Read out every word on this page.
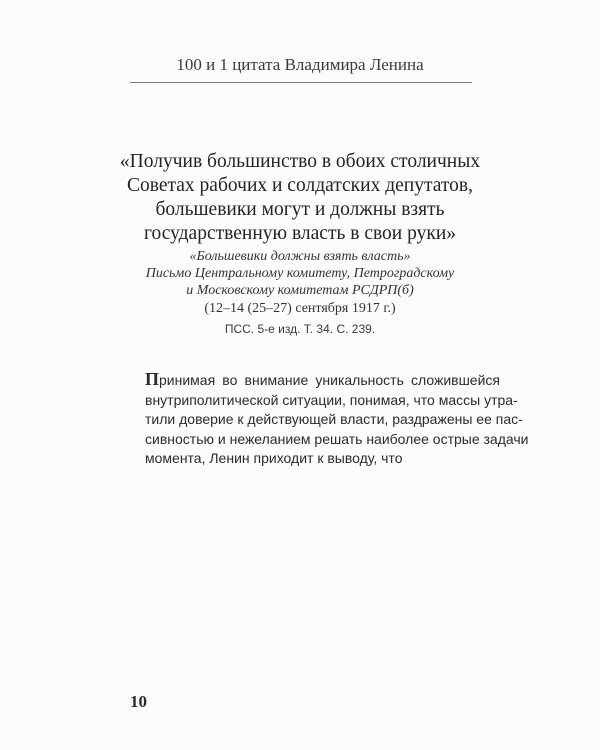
100 и 1 цитата Владимира Ленина
«Получив большинство в обоих столичных
Советах рабочих и солдатских депутатов,
большевики могут и должны взять
государственную власть в свои руки»
«Большевики должны взять власть»
Письмо Центральному комитету, Петроградскому
и Московскому комитетам РСДРП(б)
(12–14 (25–27) сентября 1917 г.)
ПСС. 5-е изд. Т. 34. С. 239.
Принимая во внимание уникальность сложившейся
внутриполитической ситуации, понимая, что массы утра-
тили доверие к действующей власти, раздражены ее пас-
сивностью и нежеланием решать наиболее острые задачи
момента, Ленин приходит к выводу, что
10
